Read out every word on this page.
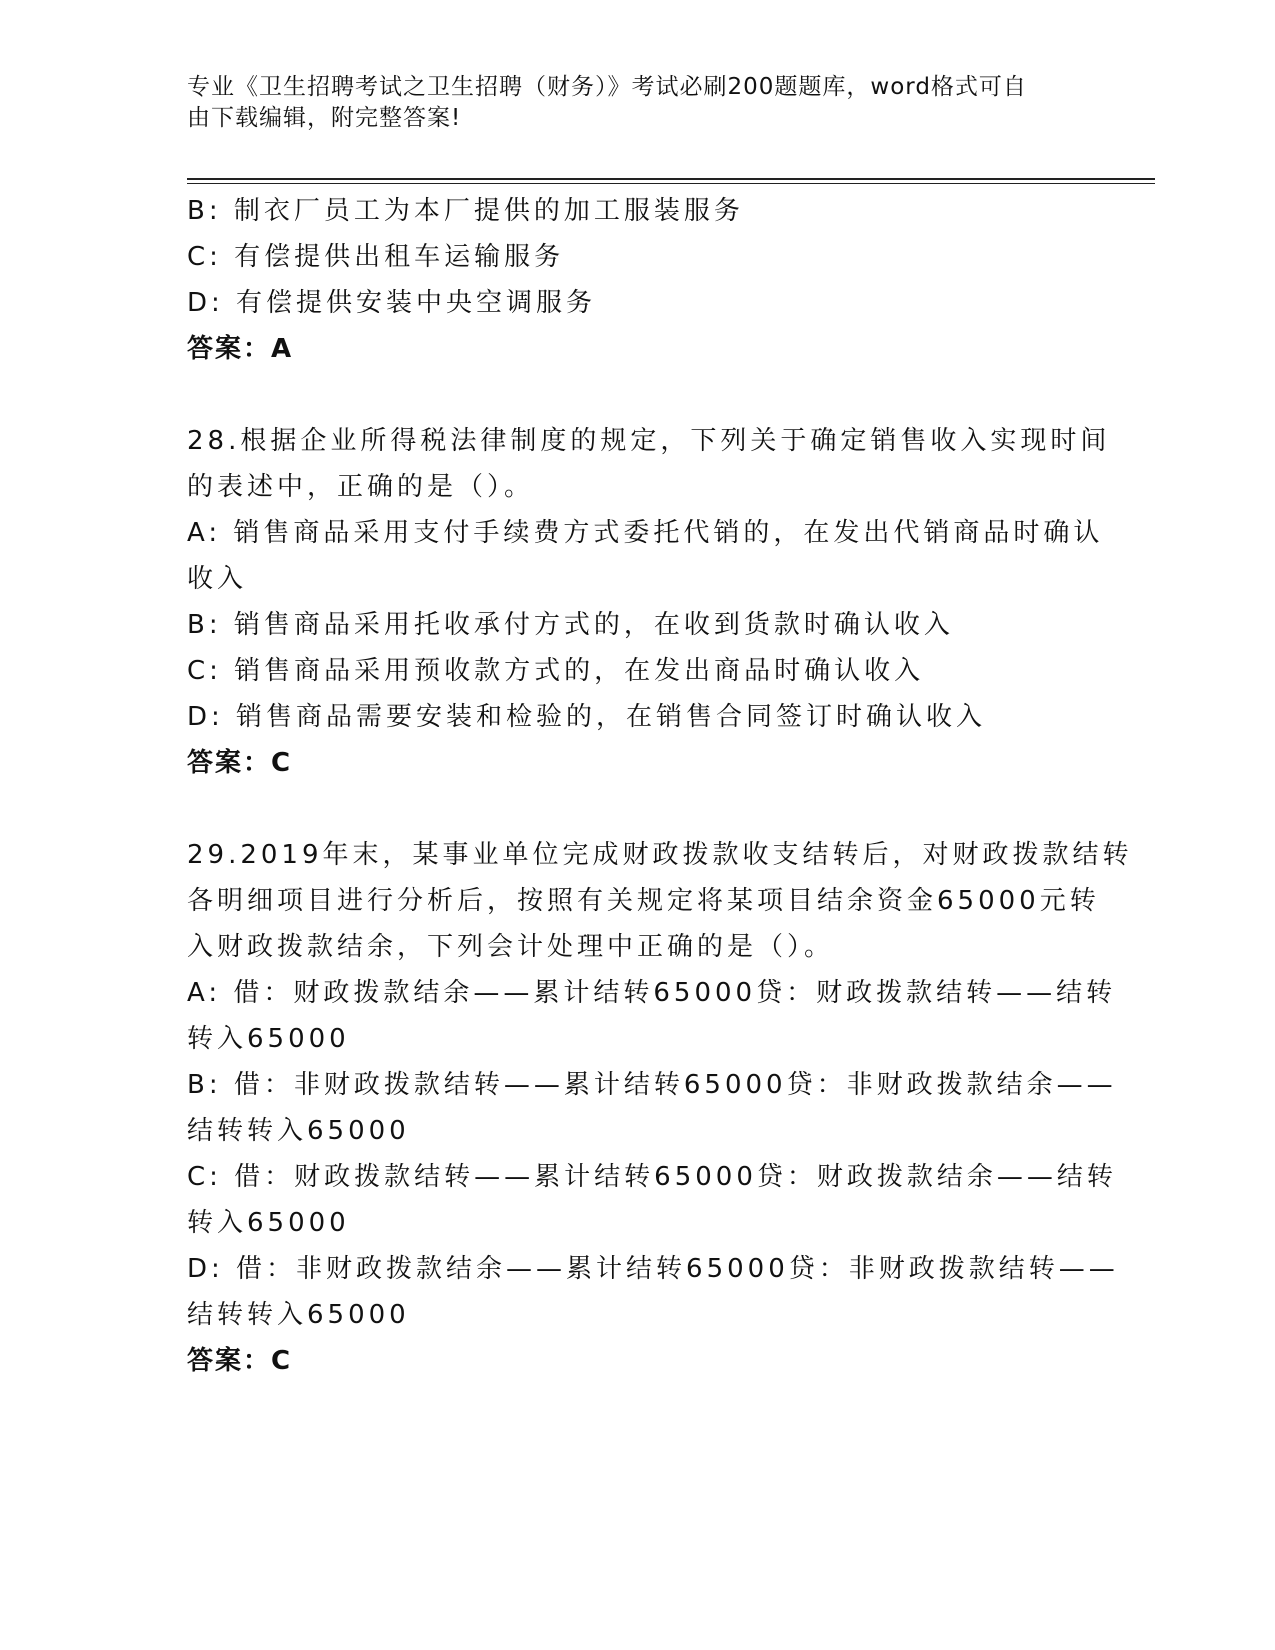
专业《卫生招聘考试之卫生招聘（财务）》考试必刷200题题库，word格式可自
由下载编辑，附完整答案!
B: 制衣厂员工为本厂提供的加工服装服务
C: 有偿提供出租车运输服务
D: 有偿提供安装中央空调服务
答案：A
28.根据企业所得税法律制度的规定，下列关于确定销售收入实现时间
的表述中，正确的是（）。
A: 销售商品采用支付手续费方式委托代销的，在发出代销商品时确认
收入
B: 销售商品采用托收承付方式的，在收到货款时确认收入
C: 销售商品采用预收款方式的，在发出商品时确认收入
D: 销售商品需要安装和检验的，在销售合同签订时确认收入
答案：C
29.2019年末，某事业单位完成财政拨款收支结转后，对财政拨款结转
各明细项目进行分析后，按照有关规定将某项目结余资金65000元转
入财政拨款结余，下列会计处理中正确的是（）。
A: 借：财政拨款结余——累计结转65000贷：财政拨款结转——结转
转入65000
B: 借：非财政拨款结转——累计结转65000贷：非财政拨款结余——
结转转入65000
C: 借：财政拨款结转——累计结转65000贷：财政拨款结余——结转
转入65000
D: 借：非财政拨款结余——累计结转65000贷：非财政拨款结转——
结转转入65000
答案：C
